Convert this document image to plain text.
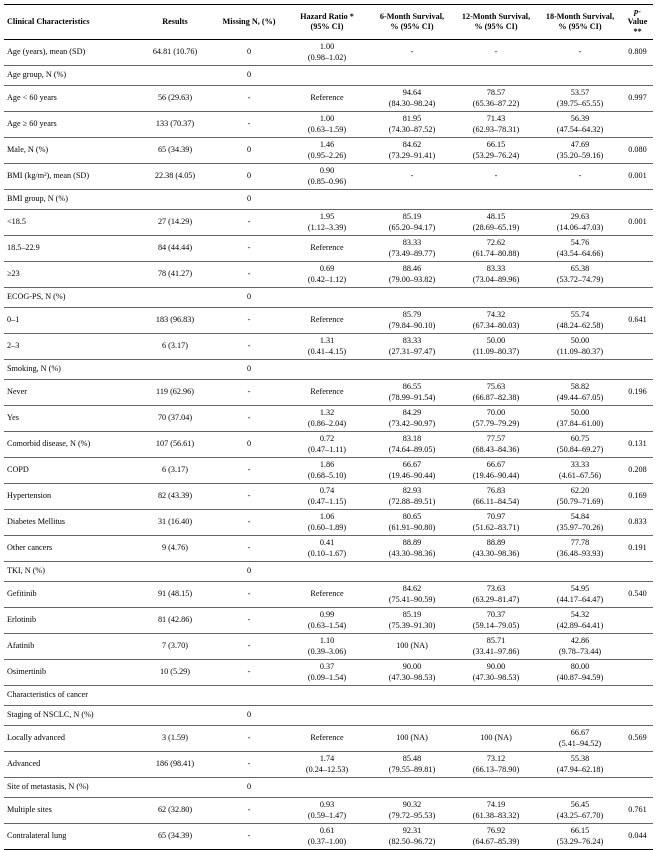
Clinical Characteristics	Results	Missing N, (%)	Hazard Ratio *
(95% CI)	6-Month Survival,
% (95% CI)	12-Month Survival,
% (95% CI)	18-Month Survival,
% (95% CI)	p-Value **
Age (years), mean (SD)	64.81 (10.76)	0	1.00
(0.98–1.02)	-	-	-	0.809
Age group, N (%)		0	

Age < 60 years	56 (29.63)	-	Reference	94.64
(84.30–98.24)	78.57
(65.36–87.22)	53.57
(39.75–65.55)	0.997
Age ≥ 60 years	133 (70.37)	-	1.00
(0.63–1.59)	81.95
(74.30–87.52)	71.43
(62.93–78.31)	56.39
(47.54–64.32)	

Male, N (%)	65 (34.39)	0	1.46
(0.95–2.26)	84.62
(73.29–91.41)	66.15
(53.29–76.24)	47.69
(35.20–59.16)	0.080
BMI (kg/m²), mean (SD)	22.38 (4.05)	0	0.90
(0.85–0.96)	-	-	-	0.001
BMI group, N (%)		0	

<18.5	27 (14.29)	-	1.95
(1.12–3.39)	85.19
(65.20–94.17)	48.15
(28.69–65.19)	29.63
(14.06–47.03)	0.001
18.5–22.9	84 (44.44)	-	Reference	83.33
(73.49–89.77)	72.62
(61.74–80.88)	54.76
(43.54–64.66)	

≥23	78 (41.27)	-	0.69
(0.42–1.12)	88.46
(79.00–93.82)	83.33
(73.04–89.96)	65.38
(53.72–74.79)	

ECOG-PS, N (%)		0	

0–1	183 (96.83)	-	Reference	85.79
(79.84–90.10)	74.32
(67.34–80.03)	55.74
(48.24–62.58)	0.641
2–3	6 (3.17)	-	1.31
(0.41–4.15)	83.33
(27.31–97.47)	50.00
(11.09–80.37)	50.00
(11.09–80.37)	

Smoking, N (%)		0	

Never	119 (62.96)	-	Reference	86.55
(78.99–91.54)	75.63
(66.87–82.38)	58.82
(49.44–67.05)	0.196
Yes	70 (37.04)	-	1.32
(0.86–2.04)	84.29
(73.42–90.97)	70.00
(57.79–79.29)	50.00
(37.84–61.00)	

Comorbid disease, N (%)	107 (56.61)	0	0.72
(0.47–1.11)	83.18
(74.64–89.05)	77.57
(68.43–84.36)	60.75
(50.84–69.27)	0.131
COPD	6 (3.17)	-	1.86
(0.68–5.10)	66.67
(19.46–90.44)	66.67
(19.46–90.44)	33.33
(4.61–67.56)	0.208
Hypertension	82 (43.39)	-	0.74
(0.47–1.15)	82.93
(72.88–89.51)	76.83
(66.11–84.54)	62.20
(50.79–71.69)	0.169
Diabetes Mellitus	31 (16.40)	-	1.06
(0.60–1.89)	80.65
(61.91–90.80)	70.97
(51.62–83.71)	54.84
(35.97–70.26)	0.833
Other cancers	9 (4.76)	-	0.41
(0.10–1.67)	88.89
(43.30–98.36)	88.89
(43.30–98.36)	77.78
(36.48–93.93)	0.191
TKI, N (%)		0	

Gefitinib	91 (48.15)	-	Reference	84.62
(75.41–90.59)	73.63
(63.29–81.47)	54.95
(44.17–64.47)	0.540
Erlotinib	81 (42.86)	-	0.99
(0.63–1.54)	85.19
(75.39–91.30)	70.37
(59.14–79.05)	54.32
(42.89–64.41)	

Afatinib	7 (3.70)	-	1.10
(0.39–3.06)	100 (NA)	85.71
(33.41–97.86)	42.86
(9.78–73.44)	

Osimertinib	10 (5.29)	-	0.37
(0.09–1.54)	90.00
(47.30–98.53)	90.00
(47.30–98.53)	80.00
(40.87–94.59)	

Characteristics of cancer			

Staging of NSCLC, N (%)		0	

Locally advanced	3 (1.59)	-	Reference	100 (NA)	100 (NA)	66.67
(5.41–94.52)	0.569
Advanced	186 (98.41)	-	1.74
(0.24–12.53)	85.48
(79.55–89.81)	73.12
(66.13–78.90)	55.38
(47.94–62.18)	

Site of metastasis, N (%)		0	

Multiple sites	62 (32.80)	-	0.93
(0.59–1.47)	90.32
(79.72–95.53)	74.19
(61.38–83.32)	56.45
(43.25–67.70)	0.761
Contralateral lung	65 (34.39)	-	0.61
(0.37–1.00)	92.31
(82.50–96.72)	76.92
(64.67–85.39)	66.15
(53.29–76.24)	0.044
